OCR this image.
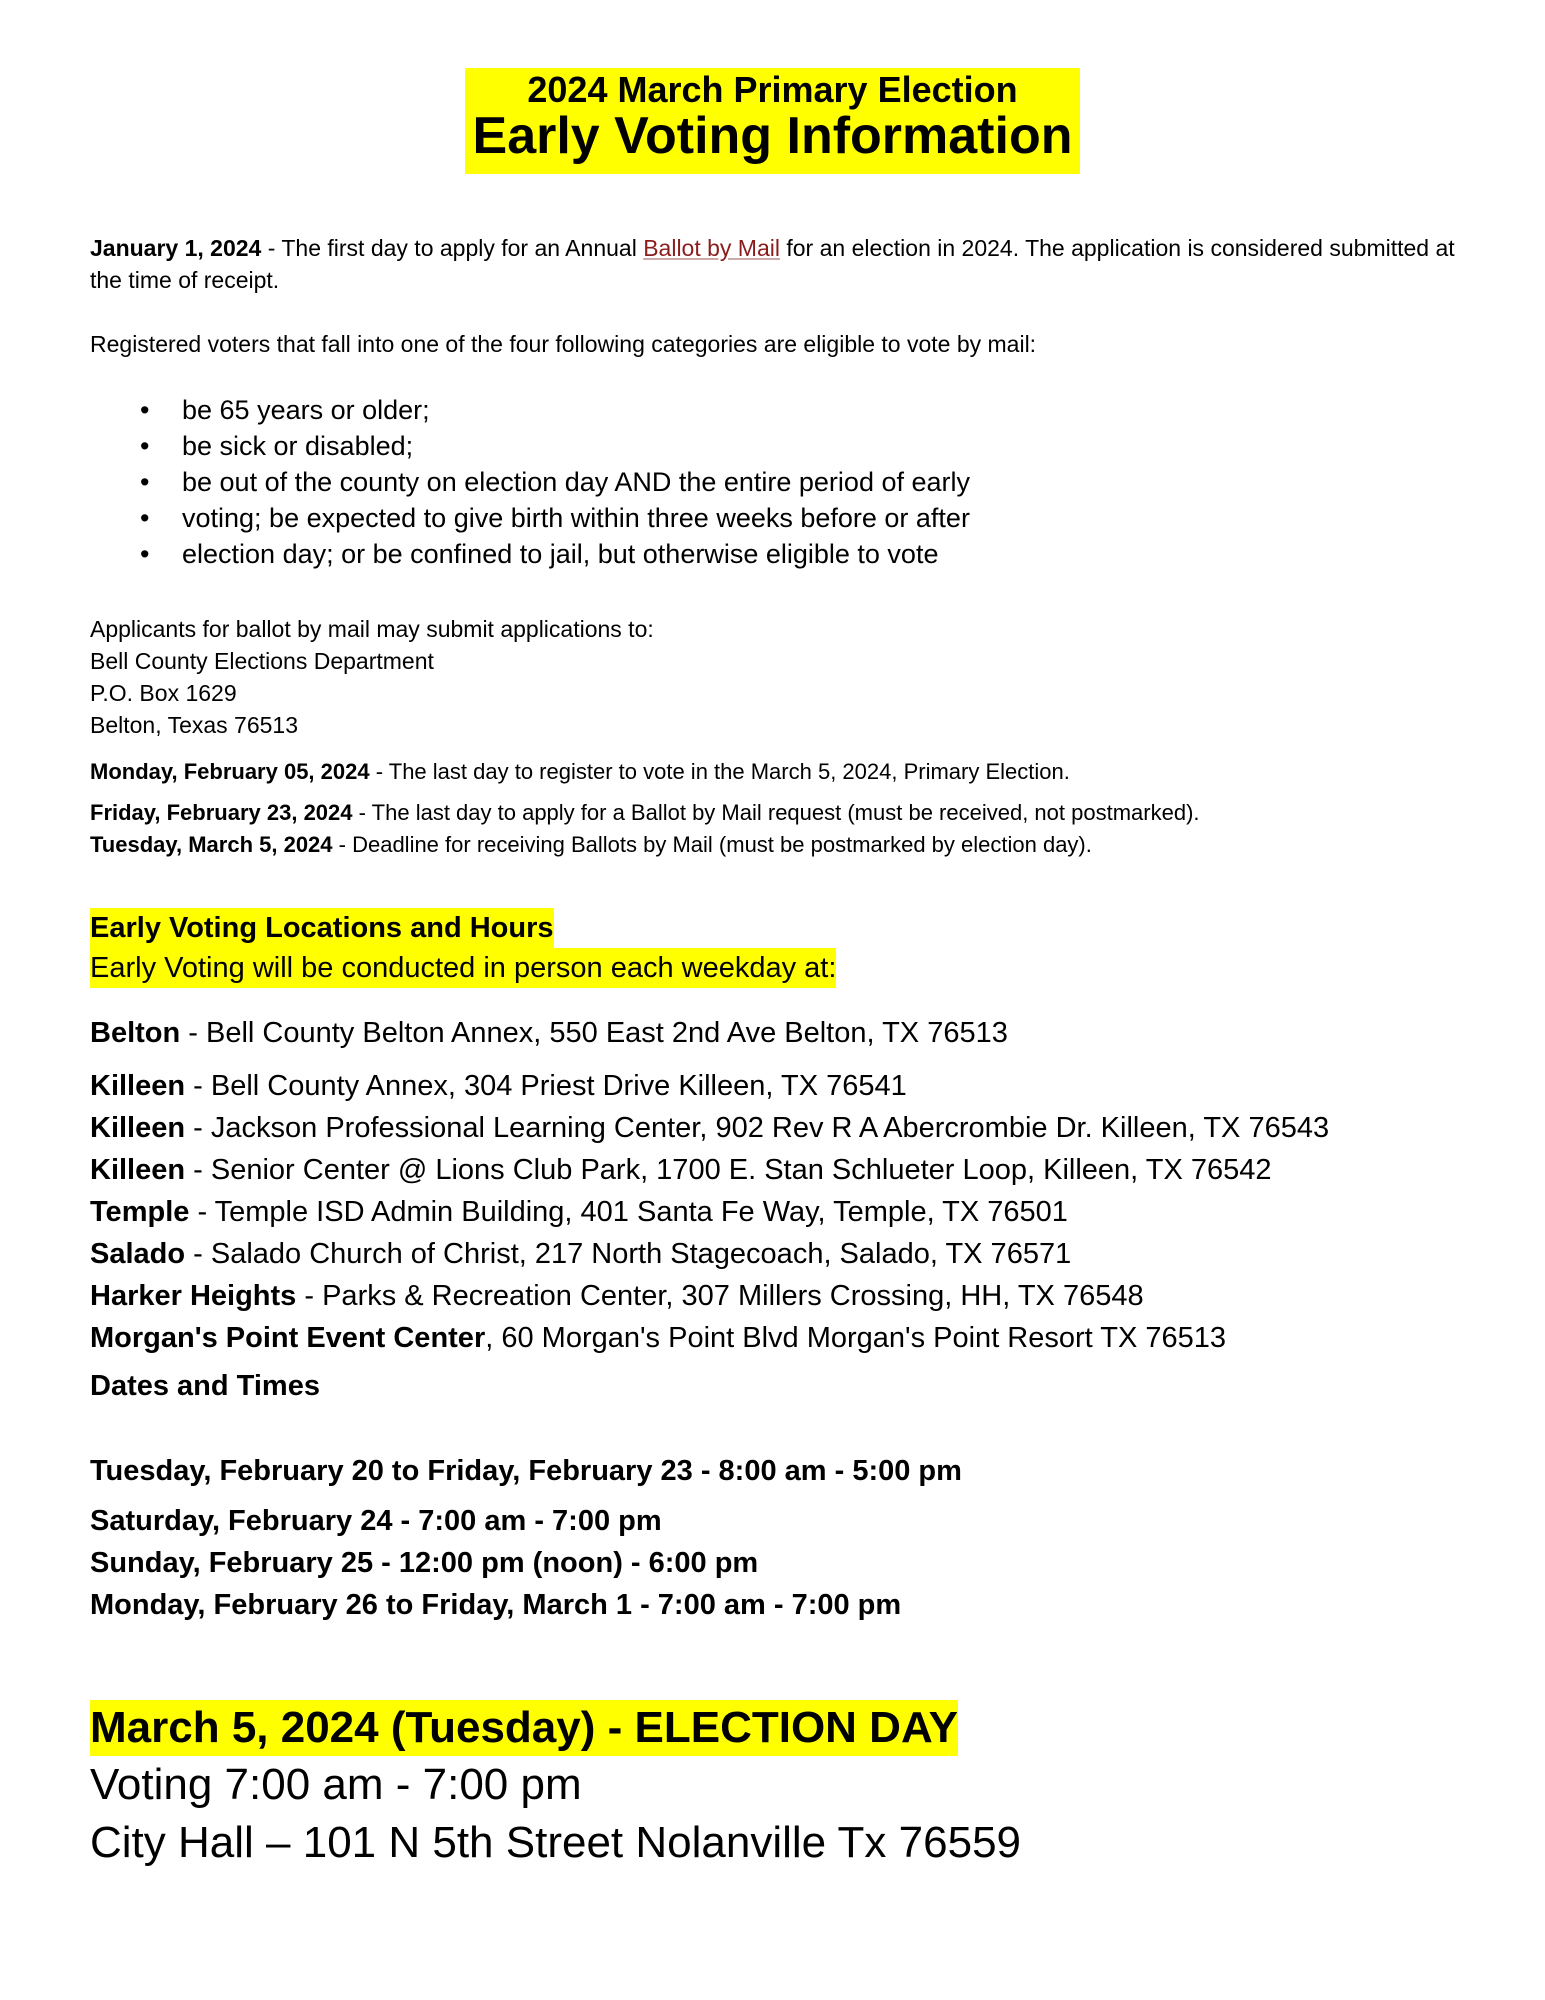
2024 March Primary Election
Early Voting Information

January 1, 2024 - The first day to apply for an Annual Ballot by Mail for an election in 2024. The application is considered submitted at the time of receipt.

Registered voters that fall into one of the four following categories are eligible to vote by mail:

• be 65 years or older;
• be sick or disabled;
• be out of the county on election day AND the entire period of early
• voting; be expected to give birth within three weeks before or after
• election day; or be confined to jail, but otherwise eligible to vote

Applicants for ballot by mail may submit applications to:

Bell County Elections Department

P.O. Box 1629

Belton, Texas 76513

Monday, February 05, 2024 - The last day to register to vote in the March 5, 2024, Primary Election.

Friday, February 23, 2024 - The last day to apply for a Ballot by Mail request (must be received, not postmarked).

Tuesday, March 5, 2024 - Deadline for receiving Ballots by Mail (must be postmarked by election day).

Early Voting Locations and Hours
Early Voting will be conducted in person each weekday at:

Belton - Bell County Belton Annex, 550 East 2nd Ave Belton, TX 76513

Killeen - Bell County Annex, 304 Priest Drive Killeen, TX 76541

Killeen - Jackson Professional Learning Center, 902 Rev R A Abercrombie Dr. Killeen, TX 76543

Killeen - Senior Center @ Lions Club Park, 1700 E. Stan Schlueter Loop, Killeen, TX 76542

Temple - Temple ISD Admin Building, 401 Santa Fe Way, Temple, TX 76501

Salado - Salado Church of Christ, 217 North Stagecoach, Salado, TX 76571

Harker Heights - Parks & Recreation Center, 307 Millers Crossing, HH, TX 76548

Morgan's Point Event Center, 60 Morgan's Point Blvd Morgan's Point Resort TX 76513

Dates and Times

Tuesday, February 20 to Friday, February 23 - 8:00 am - 5:00 pm

Saturday, February 24 - 7:00 am - 7:00 pm

Sunday, February 25 - 12:00 pm (noon) - 6:00 pm

Monday, February 26 to Friday, March 1 - 7:00 am - 7:00 pm

March 5, 2024 (Tuesday) - ELECTION DAY

Voting 7:00 am - 7:00 pm

City Hall – 101 N 5th Street Nolanville Tx 76559
